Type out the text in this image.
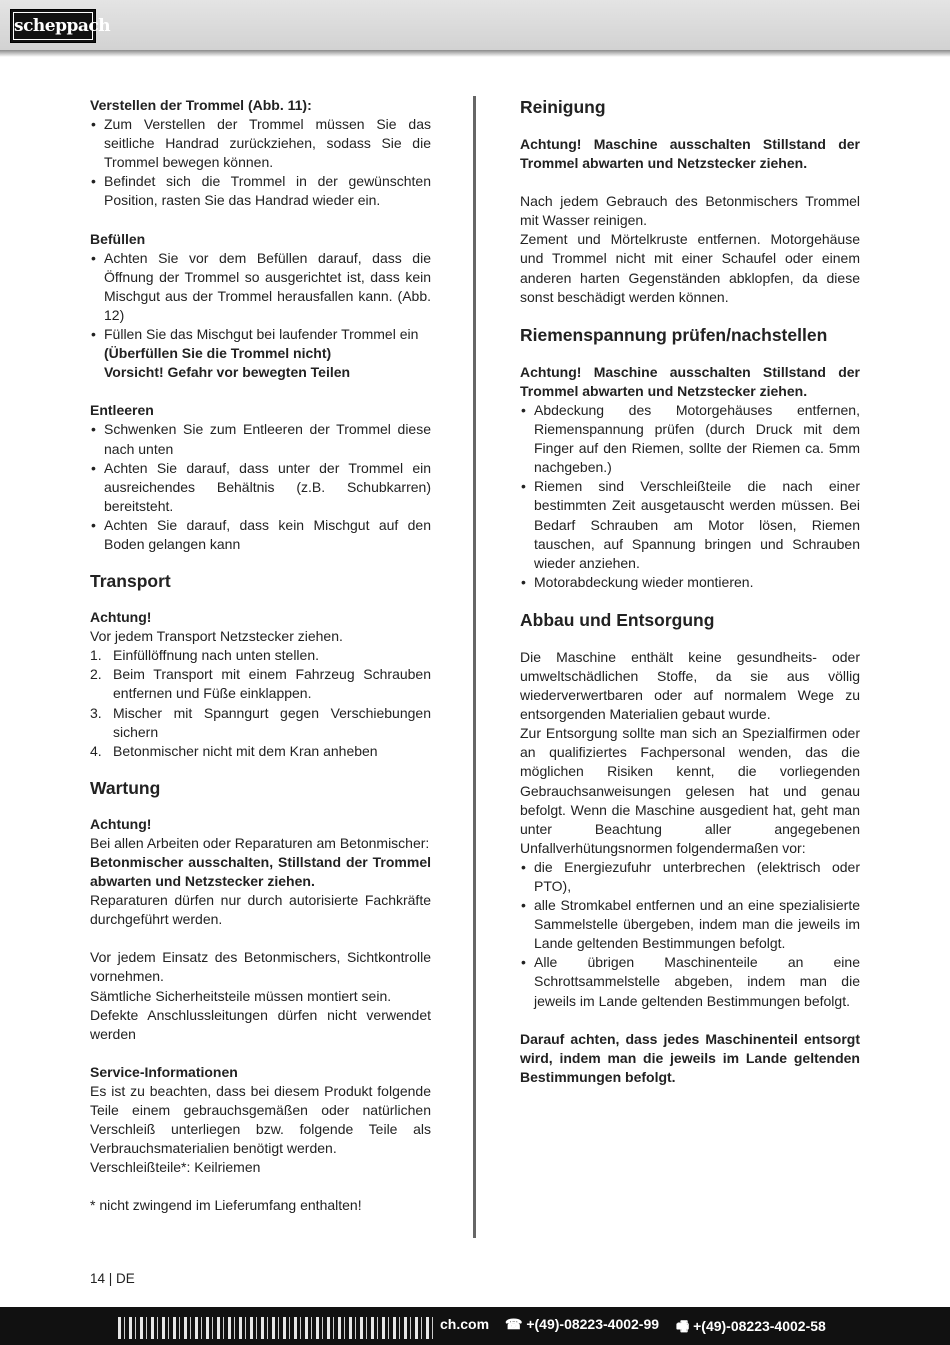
scheppach

Verstellen der Trommel (Abb. 11):

• Zum Verstellen der Trommel müssen Sie das seitliche Handrad zurückziehen, sodass Sie die Trommel bewegen können.
• Befindet sich die Trommel in der gewünschten Position, rasten Sie das Handrad wieder ein.

Befüllen

• Achten Sie vor dem Befüllen darauf, dass die Öffnung der Trommel so ausgerichtet ist, dass kein Mischgut aus der Trommel herausfallen kann. (Abb. 12)
• Füllen Sie das Mischgut bei laufender Trommel ein
(Überfüllen Sie die Trommel nicht)
Vorsicht! Gefahr vor bewegten Teilen

Entleeren

• Schwenken Sie zum Entleeren der Trommel diese nach unten
• Achten Sie darauf, dass unter der Trommel ein ausreichendes Behältnis (z.B. Schubkarren) bereitsteht.
• Achten Sie darauf, dass kein Mischgut auf den Boden gelangen kann

Transport

Achtung!

Vor jedem Transport Netzstecker ziehen.

1. Einfüllöffnung nach unten stellen.
2. Beim Transport mit einem Fahrzeug Schrauben entfernen und Füße einklappen.
3. Mischer mit Spanngurt gegen Verschiebungen sichern
4. Betonmischer nicht mit dem Kran anheben

Wartung

Achtung!

Bei allen Arbeiten oder Reparaturen am Betonmischer:

Betonmischer ausschalten, Stillstand der Trommel abwarten und Netzstecker ziehen.

Reparaturen dürfen nur durch autorisierte Fachkräfte durchgeführt werden.

Vor jedem Einsatz des Betonmischers, Sichtkontrolle vornehmen.

Sämtliche Sicherheitsteile müssen montiert sein.

Defekte Anschlussleitungen dürfen nicht verwendet werden

Service-Informationen

Es ist zu beachten, dass bei diesem Produkt folgende Teile einem gebrauchsgemäßen oder natürlichen Verschleiß unterliegen bzw. folgende Teile als Verbrauchsmaterialien benötigt werden.

Verschleißteile*: Keilriemen

* nicht zwingend im Lieferumfang enthalten!

Reinigung

Achtung! Maschine ausschalten Stillstand der Trommel abwarten und Netzstecker ziehen.

Nach jedem Gebrauch des Betonmischers Trommel mit Wasser reinigen.

Zement und Mörtelkruste entfernen. Motorgehäuse und Trommel nicht mit einer Schaufel oder einem anderen harten Gegenständen abklopfen, da diese sonst beschädigt werden können.

Riemenspannung prüfen/nachstellen

Achtung! Maschine ausschalten Stillstand der Trommel abwarten und Netzstecker ziehen.

• Abdeckung des Motorgehäuses entfernen, Riemenspannung prüfen (durch Druck mit dem Finger auf den Riemen, sollte der Riemen ca. 5mm nachgeben.)
• Riemen sind Verschleißteile die nach einer bestimmten Zeit ausgetauscht werden müssen. Bei Bedarf Schrauben am Motor lösen, Riemen tauschen, auf Spannung bringen und Schrauben wieder anziehen.
• Motorabdeckung wieder montieren.

Abbau und Entsorgung

Die Maschine enthält keine gesundheits- oder umweltschädlichen Stoffe, da sie aus völlig wiederverwertbaren oder auf normalem Wege zu entsorgenden Materialien gebaut wurde.

Zur Entsorgung sollte man sich an Spezialfirmen oder an qualifiziertes Fachpersonal wenden, das die möglichen Risiken kennt, die vorliegenden Gebrauchsanweisungen gelesen hat und genau befolgt. Wenn die Maschine ausgedient hat, geht man unter Beachtung aller angegebenen Unfallverhütungsnormen folgendermaßen vor:

• die Energiezufuhr unterbrechen (elektrisch oder PTO),
• alle Stromkabel entfernen und an eine spezialisierte Sammelstelle übergeben, indem man die jeweils im Lande geltenden Bestimmungen befolgt.
• Alle übrigen Maschinenteile an eine Schrottsammelstelle abgeben, indem man die jeweils im Lande geltenden Bestimmungen befolgt.

Darauf achten, dass jedes Maschinenteil entsorgt wird, indem man die jeweils im Lande geltenden Bestimmungen befolgt.

14 | DE
ch.com ☎ +(49)-08223-4002-99 🖷 +(49)-08223-4002-58
